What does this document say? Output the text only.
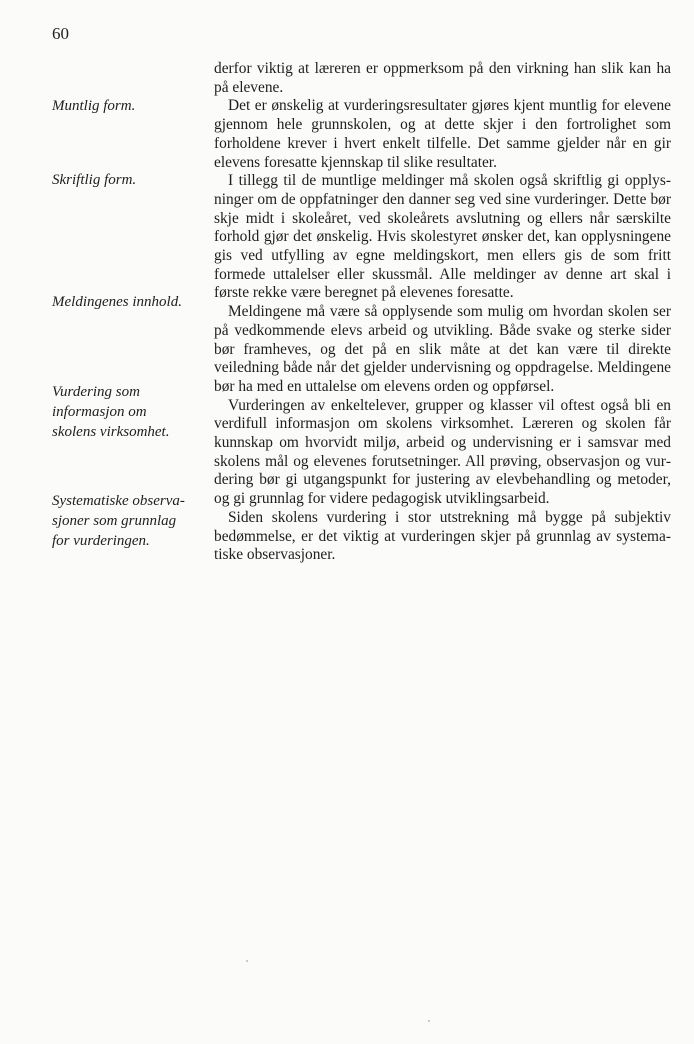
60
Muntlig form.
Skriftlig form.
Meldingenes innhold.
Vurdering som
informasjon om
skolens virksomhet.
Systematiske observa-
sjoner som grunnlag
for vurderingen.

derfor viktig at læreren er oppmerksom på den virkning han slik kan ha på elevene.

Det er ønskelig at vurderingsresultater gjøres kjent muntlig for elevene gjennom hele grunnskolen, og at dette skjer i den fortrolighet som forholdene krever i hvert enkelt tilfelle. Det samme gjelder når en gir elevens foresatte kjennskap til slike resultater.

I tillegg til de muntlige meldinger må skolen også skriftlig gi opplysninger om de oppfatninger den danner seg ved sine vurderinger. Dette bør skje midt i skoleåret, ved skoleårets avslutning og ellers når særskilte forhold gjør det ønskelig. Hvis skolestyret ønsker det, kan opplysningene gis ved utfylling av egne meldingskort, men ellers gis de som fritt formede uttalelser eller skussmål. Alle meldinger av denne art skal i første rekke være beregnet på elevenes foresatte.

Meldingene må være så opplysende som mulig om hvordan skolen ser på vedkommende elevs arbeid og utvikling. Både svake og sterke sider bør framheves, og det på en slik måte at det kan være til direkte veiledning både når det gjelder undervisning og oppdragelse. Meldingene bør ha med en uttalelse om elevens orden og oppførsel.

Vurderingen av enkeltelever, grupper og klasser vil oftest også bli en verdifull informasjon om skolens virksomhet. Læreren og skolen får kunnskap om hvorvidt miljø, arbeid og undervisning er i samsvar med skolens mål og elevenes forutsetninger. All prøving, observasjon og vurdering bør gi utgangspunkt for justering av elevbehandling og metoder, og gi grunnlag for videre pedagogisk utviklingsarbeid.

Siden skolens vurdering i stor utstrekning må bygge på subjektiv bedømmelse, er det viktig at vurderingen skjer på grunnlag av systematiske observasjoner.
